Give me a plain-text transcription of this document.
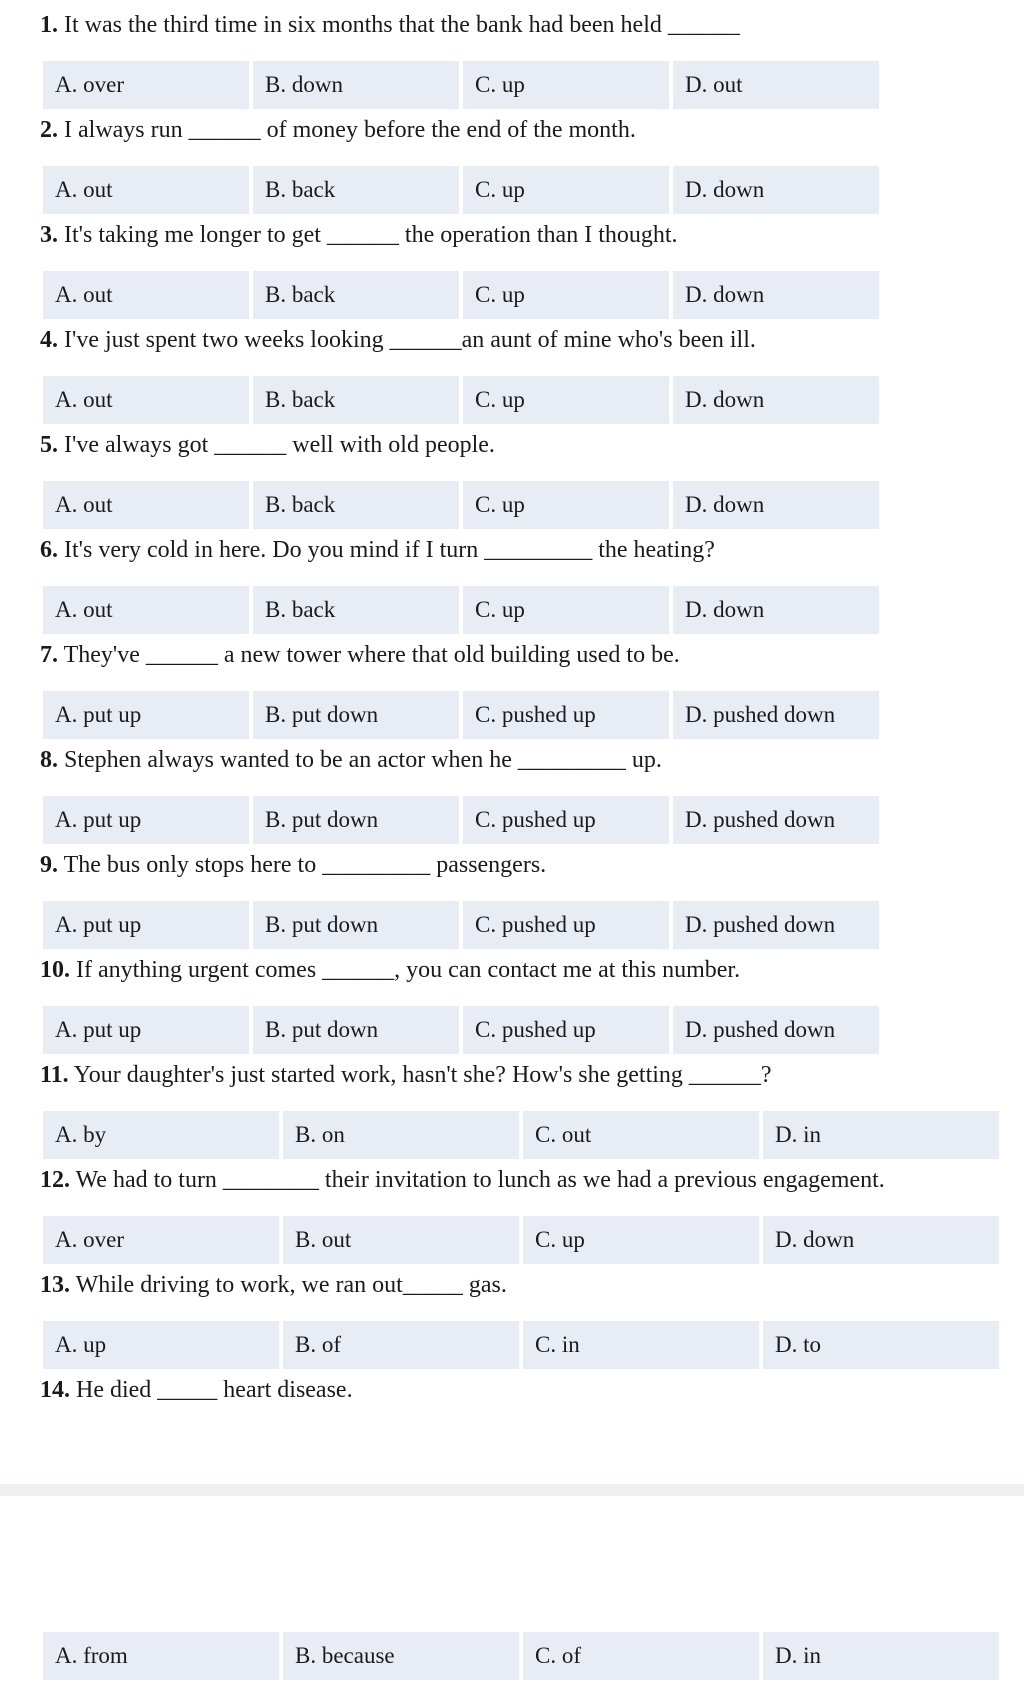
1. It was the third time in six months that the bank had been held ______
A. over	B. down	C. up	D. out
2. I always run ______ of money before the end of the month.
A. out	B. back	C. up	D. down
3. It's taking me longer to get ______ the operation than I thought.
A. out	B. back	C. up	D. down
4. I've just spent two weeks looking ______an aunt of mine who's been ill.
A. out	B. back	C. up	D. down
5. I've always got ______ well with old people.
A. out	B. back	C. up	D. down
6. It's very cold in here. Do you mind if I turn _________ the heating?
A. out	B. back	C. up	D. down
7. They've ______ a new tower where that old building used to be.
A. put up	B. put down	C. pushed up	D. pushed down
8. Stephen always wanted to be an actor when he _________ up.
A. put up	B. put down	C. pushed up	D. pushed down
9. The bus only stops here to _________ passengers.
A. put up	B. put down	C. pushed up	D. pushed down
10. If anything urgent comes ______, you can contact me at this number.
A. put up	B. put down	C. pushed up	D. pushed down
11. Your daughter's just started work, hasn't she? How's she getting ______?
A. by	B. on	C. out	D. in
12. We had to turn ________ their invitation to lunch as we had a previous engagement.
A. over	B. out	C. up	D. down
13. While driving to work, we ran out_____ gas.
A. up	B. of	C. in	D. to
14. He died _____ heart disease.
A. from	B. because	C. of	D. in
